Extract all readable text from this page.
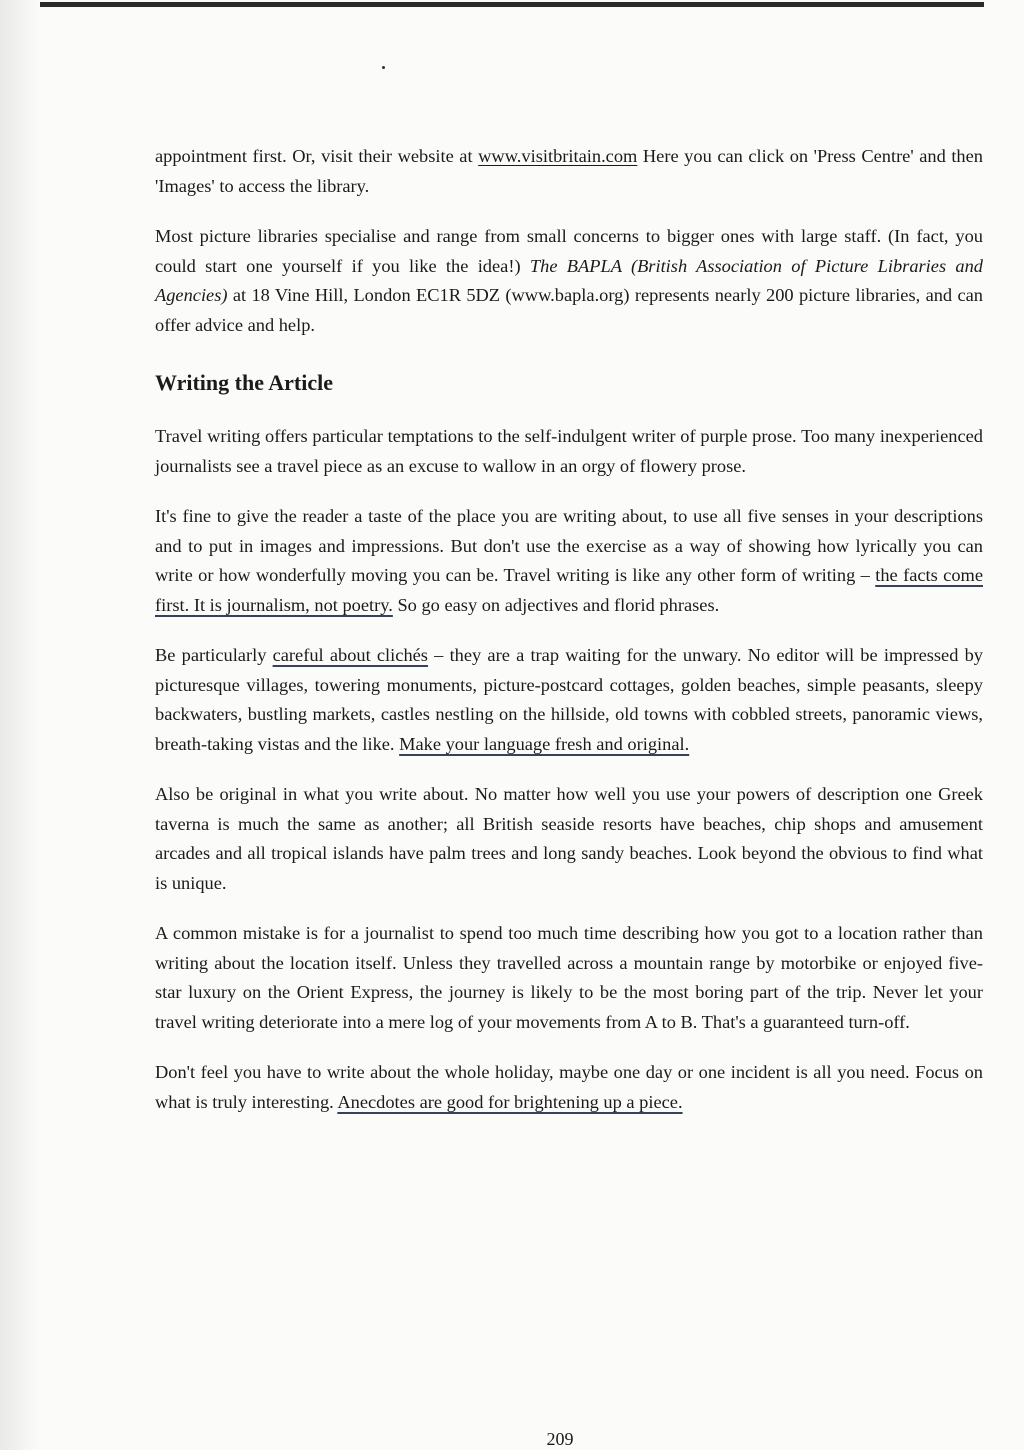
appointment first. Or, visit their website at www.visitbritain.com Here you can click on 'Press Centre' and then 'Images' to access the library.

Most picture libraries specialise and range from small concerns to bigger ones with large staff. (In fact, you could start one yourself if you like the idea!) The BAPLA (British Association of Picture Libraries and Agencies) at 18 Vine Hill, London EC1R 5DZ (www.bapla.org) represents nearly 200 picture libraries, and can offer advice and help.

Writing the Article

Travel writing offers particular temptations to the self-indulgent writer of purple prose. Too many inexperienced journalists see a travel piece as an excuse to wallow in an orgy of flowery prose.

It's fine to give the reader a taste of the place you are writing about, to use all five senses in your descriptions and to put in images and impressions. But don't use the exercise as a way of showing how lyrically you can write or how wonderfully moving you can be. Travel writing is like any other form of writing – the facts come first. It is journalism, not poetry. So go easy on adjectives and florid phrases.

Be particularly careful about clichés – they are a trap waiting for the unwary. No editor will be impressed by picturesque villages, towering monuments, picture-postcard cottages, golden beaches, simple peasants, sleepy backwaters, bustling markets, castles nestling on the hillside, old towns with cobbled streets, panoramic views, breath-taking vistas and the like. Make your language fresh and original.

Also be original in what you write about. No matter how well you use your powers of description one Greek taverna is much the same as another; all British seaside resorts have beaches, chip shops and amusement arcades and all tropical islands have palm trees and long sandy beaches. Look beyond the obvious to find what is unique.

A common mistake is for a journalist to spend too much time describing how you got to a location rather than writing about the location itself. Unless they travelled across a mountain range by motorbike or enjoyed five-star luxury on the Orient Express, the journey is likely to be the most boring part of the trip. Never let your travel writing deteriorate into a mere log of your movements from A to B. That's a guaranteed turn-off.

Don't feel you have to write about the whole holiday, maybe one day or one incident is all you need. Focus on what is truly interesting. Anecdotes are good for brightening up a piece.

209
